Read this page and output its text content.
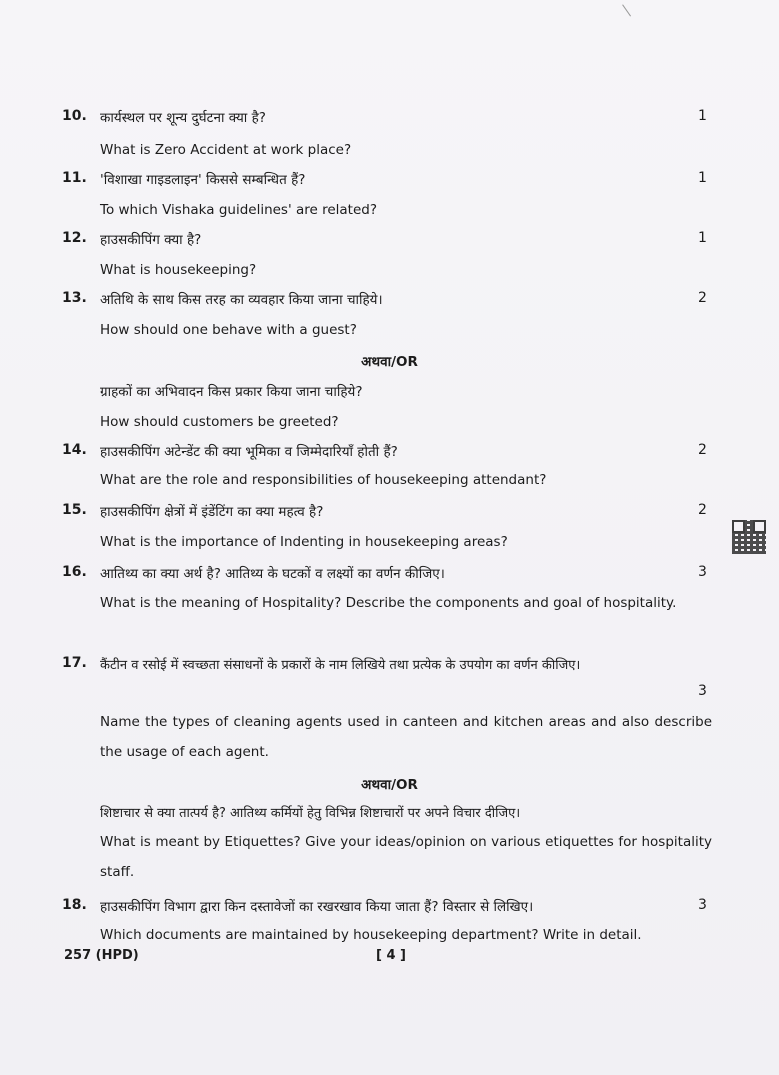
10. कार्यस्थल पर शून्य दुर्घटना क्या है?	1
What is Zero Accident at work place?
11. 'विशाखा गाइडलाइन' किससे सम्बन्धित हैं?	1
To which Vishaka guidelines' are related?
12. हाउसकीपिंग क्या है?	1
What is housekeeping?
13. अतिथि के साथ किस तरह का व्यवहार किया जाना चाहिये।	2
How should one behave with a guest?
अथवा/OR
ग्राहकों का अभिवादन किस प्रकार किया जाना चाहिये?
How should customers be greeted?
14. हाउसकीपिंग अटेन्डेंट की क्या भूमिका व जिम्मेदारियाँ होती हैं?	2
What are the role and responsibilities of housekeeping attendant?
15. हाउसकीपिंग क्षेत्रों में इंडेंटिंग का क्या महत्व है?	2
What is the importance of Indenting in housekeeping areas?
16. आतिथ्य का क्या अर्थ है? आतिथ्य के घटकों व लक्ष्यों का वर्णन कीजिए।	3
What is the meaning of Hospitality? Describe the components and goal of hospitality.
17. कैंटीन व रसोई में स्वच्छता संसाधनों के प्रकारों के नाम लिखिये तथा प्रत्येक के उपयोग का वर्णन कीजिए।
3
Name the types of cleaning agents used in canteen and kitchen areas and also describe the usage of each agent.
अथवा/OR
शिष्टाचार से क्या तात्पर्य है? आतिथ्य कर्मियों हेतु विभिन्न शिष्टाचारों पर अपने विचार दीजिए।
What is meant by Etiquettes? Give your ideas/opinion on various etiquettes for hospitality staff.
18. हाउसकीपिंग विभाग द्वारा किन दस्तावेजों का रखरखाव किया जाता हैं? विस्तार से लिखिए।	3
Which documents are maintained by housekeeping department? Write in detail.
257 (HPD)	[ 4 ]
